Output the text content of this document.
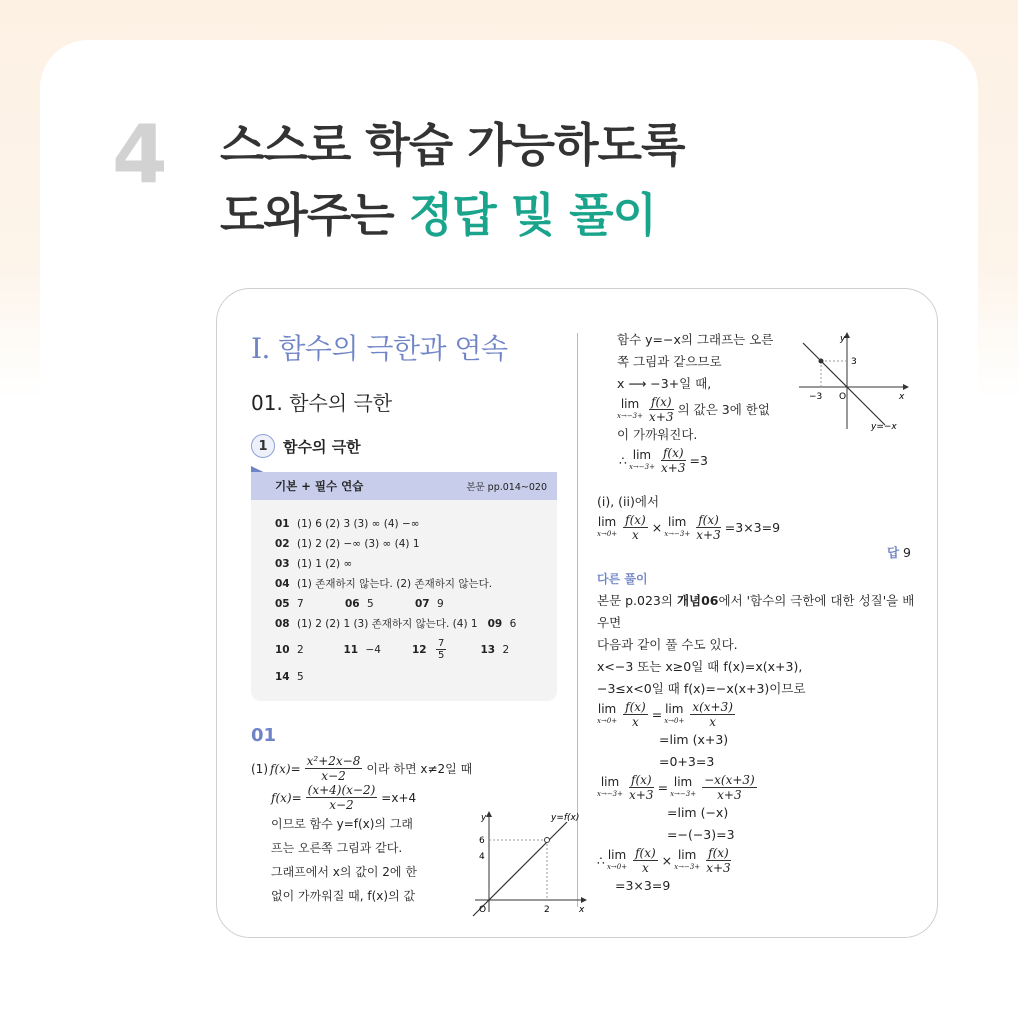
4 스스로 학습 가능하도록
도와주는 정답 및 풀이
I. 함수의 극한과 연속
01. 함수의 극한
1	함수의 극한
기본 + 필수 연습	본문 pp.014~020
01 (1) 6 (2) 3 (3) ∞ (4) −∞
02 (1) 2 (2) −∞ (3) ∞ (4) 1
03 (1) 1 (2) ∞
04 (1) 존재하지 않는다. (2) 존재하지 않는다.
05 7	06 5	07 9
08 (1) 2 (2) 1 (3) 존재하지 않는다. (4) 1
09 6
10 2	11 −4	$12 \frac{7}{5}$	13 2
14 5
01
(1) $f(x)= \frac{\text{x²+2x−8}}{x-2}$ 이라 하면 x≠2일 때
$f(x)= \frac{(x+4)(x-2)}{x-2} =x+4$
이므로 함수 y=f(x)의 그래
프는 오른쪽 그림과 같다.
그래프에서 x의 값이 2에 한
없이 가까워질 때, f(x)의 값
y
x
O
6
4
2
y=f(x)
함수 y=−x의 그래프는 오른
쪽 그림과 같으므로
x ⟶ −3+일 때,
lim
$x\to-3+ \frac{f(x)}{x+3}$ 의 값은 3에 한없
이 가까워진다.
∴ lim
$x\to-3+ \frac{f(x)}{x+3} =3$
y
x
O
3
−3
y=−x
(i), (ii)에서
lim
$x\to 0+ \frac{f(x)}{x} \times \lim$
$x\to-3+ \frac{f(x)}{x+3} =3\times 3=9$
답 9
다른 풀이
본문 p.023의 개념06에서 '함수의 극한에 대한 성질'을 배우면
다음과 같이 풀 수도 있다.
x<−3 또는 x≥0일 때 f(x)=x(x+3),
−3≤x<0일 때 f(x)=−x(x+3)이므로
lim
$x\to 0+ \frac{f(x)}{x} = \lim$
$x\to 0+ \frac{x(x+3)}{x}$
=lim (x+3)
=0+3=3
lim
$x\to-3+ \frac{f(x)}{x+3} = \lim$
$x\to-3+ \frac{-x(x+3)}{x+3}$
=lim (−x)
=−(−3)=3
∴ lim
$x\to 0+ \frac{f(x)}{x} \times \lim$
$x\to-3+ \frac{f(x)}{x+3}$
=3×3=9
